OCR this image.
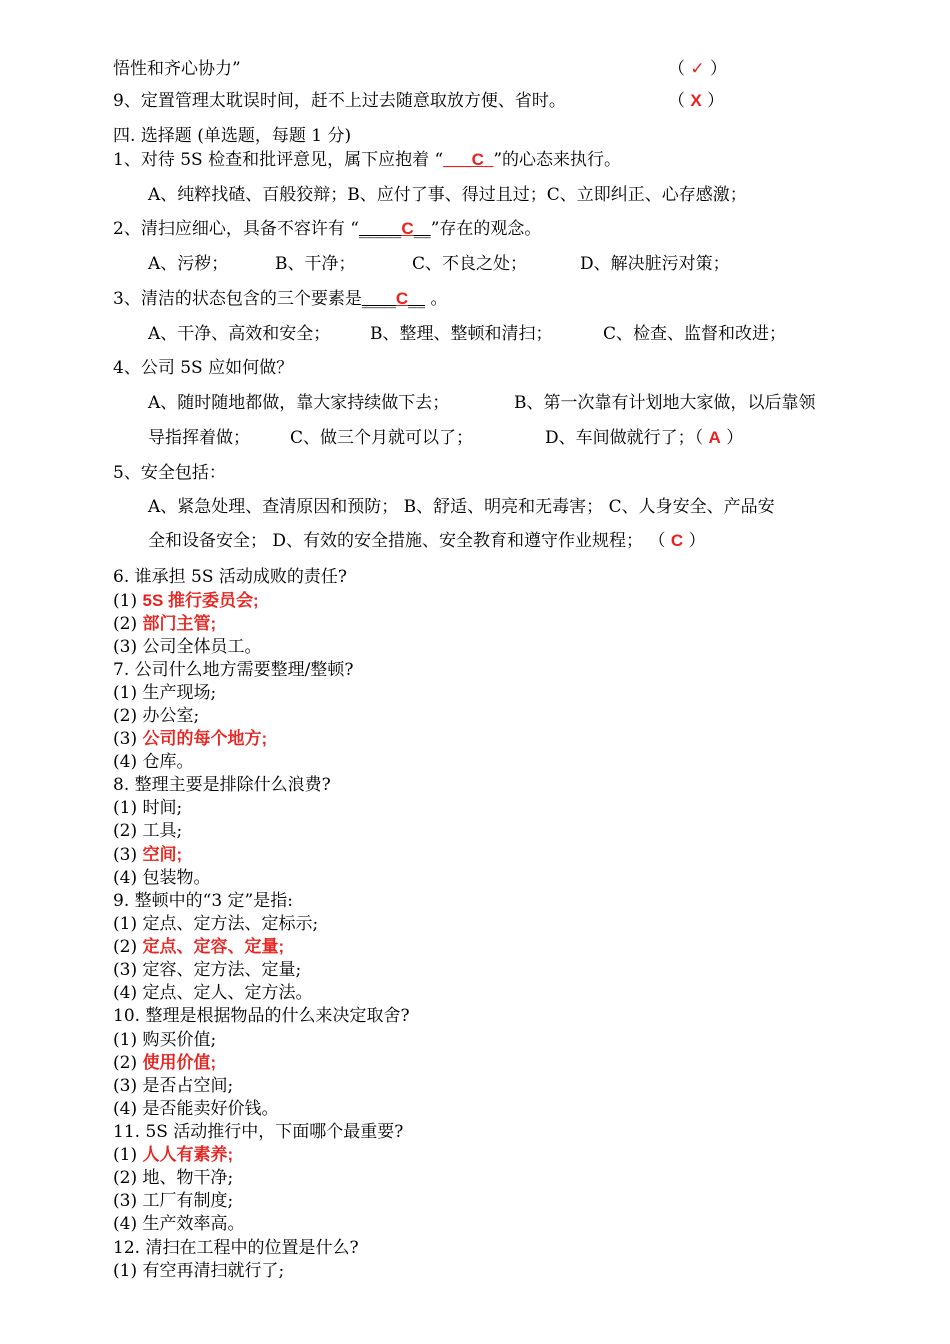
悟性和齐心协力”	（ ✓ ）
9、定置管理太耽误时间，赶不上过去随意取放方便、省时。	（ X ）
四. 选择题 (单选题，每题 1 分)
1、对待 5S 检查和批评意见，属下应抱着 “___C_”的心态来执行。
A、纯粹找碴、百般狡辩；B、应付了事、得过且过；C、立即纠正、心存感激；
2、清扫应细心，具备不容许有 “_____C__”存在的观念。
A、污秽；	B、干净；	C、不良之处；	D、解决脏污对策；
3、清洁的状态包含的三个要素是____C__ 。
A、干净、高效和安全； B、整理、整顿和清扫；	C、检查、监督和改进；
4、公司 5S 应如何做？
A、随时随地都做，靠大家持续做下去；	B、第一次靠有计划地大家做，以后靠领
导指挥着做； C、做三个月就可以了；	D、车间做就行了；（ A ）
5、安全包括：
A、紧急处理、查清原因和预防； B、舒适、明亮和无毒害； C、人身安全、产品安
全和设备安全； D、有效的安全措施、安全教育和遵守作业规程； （ C ）
6. 谁承担 5S 活动成败的责任?
(1) 5S 推行委员会;
(2) 部门主管;
(3) 公司全体员工。
7. 公司什么地方需要整理/整顿?
(1) 生产现场;
(2) 办公室;
(3) 公司的每个地方;
(4) 仓库。
8. 整理主要是排除什么浪费?
(1) 时间;
(2) 工具;
(3) 空间;
(4) 包装物。
9. 整顿中的“3 定”是指:
(1) 定点、定方法、定标示;
(2) 定点、定容、定量;
(3) 定容、定方法、定量;
(4) 定点、定人、定方法。
10. 整理是根据物品的什么来决定取舍?
(1) 购买价值;
(2) 使用价值;
(3) 是否占空间;
(4) 是否能卖好价钱。
11. 5S 活动推行中，下面哪个最重要?
(1) 人人有素养;
(2) 地、物干净;
(3) 工厂有制度;
(4) 生产效率高。
12. 清扫在工程中的位置是什么?
(1) 有空再清扫就行了;
